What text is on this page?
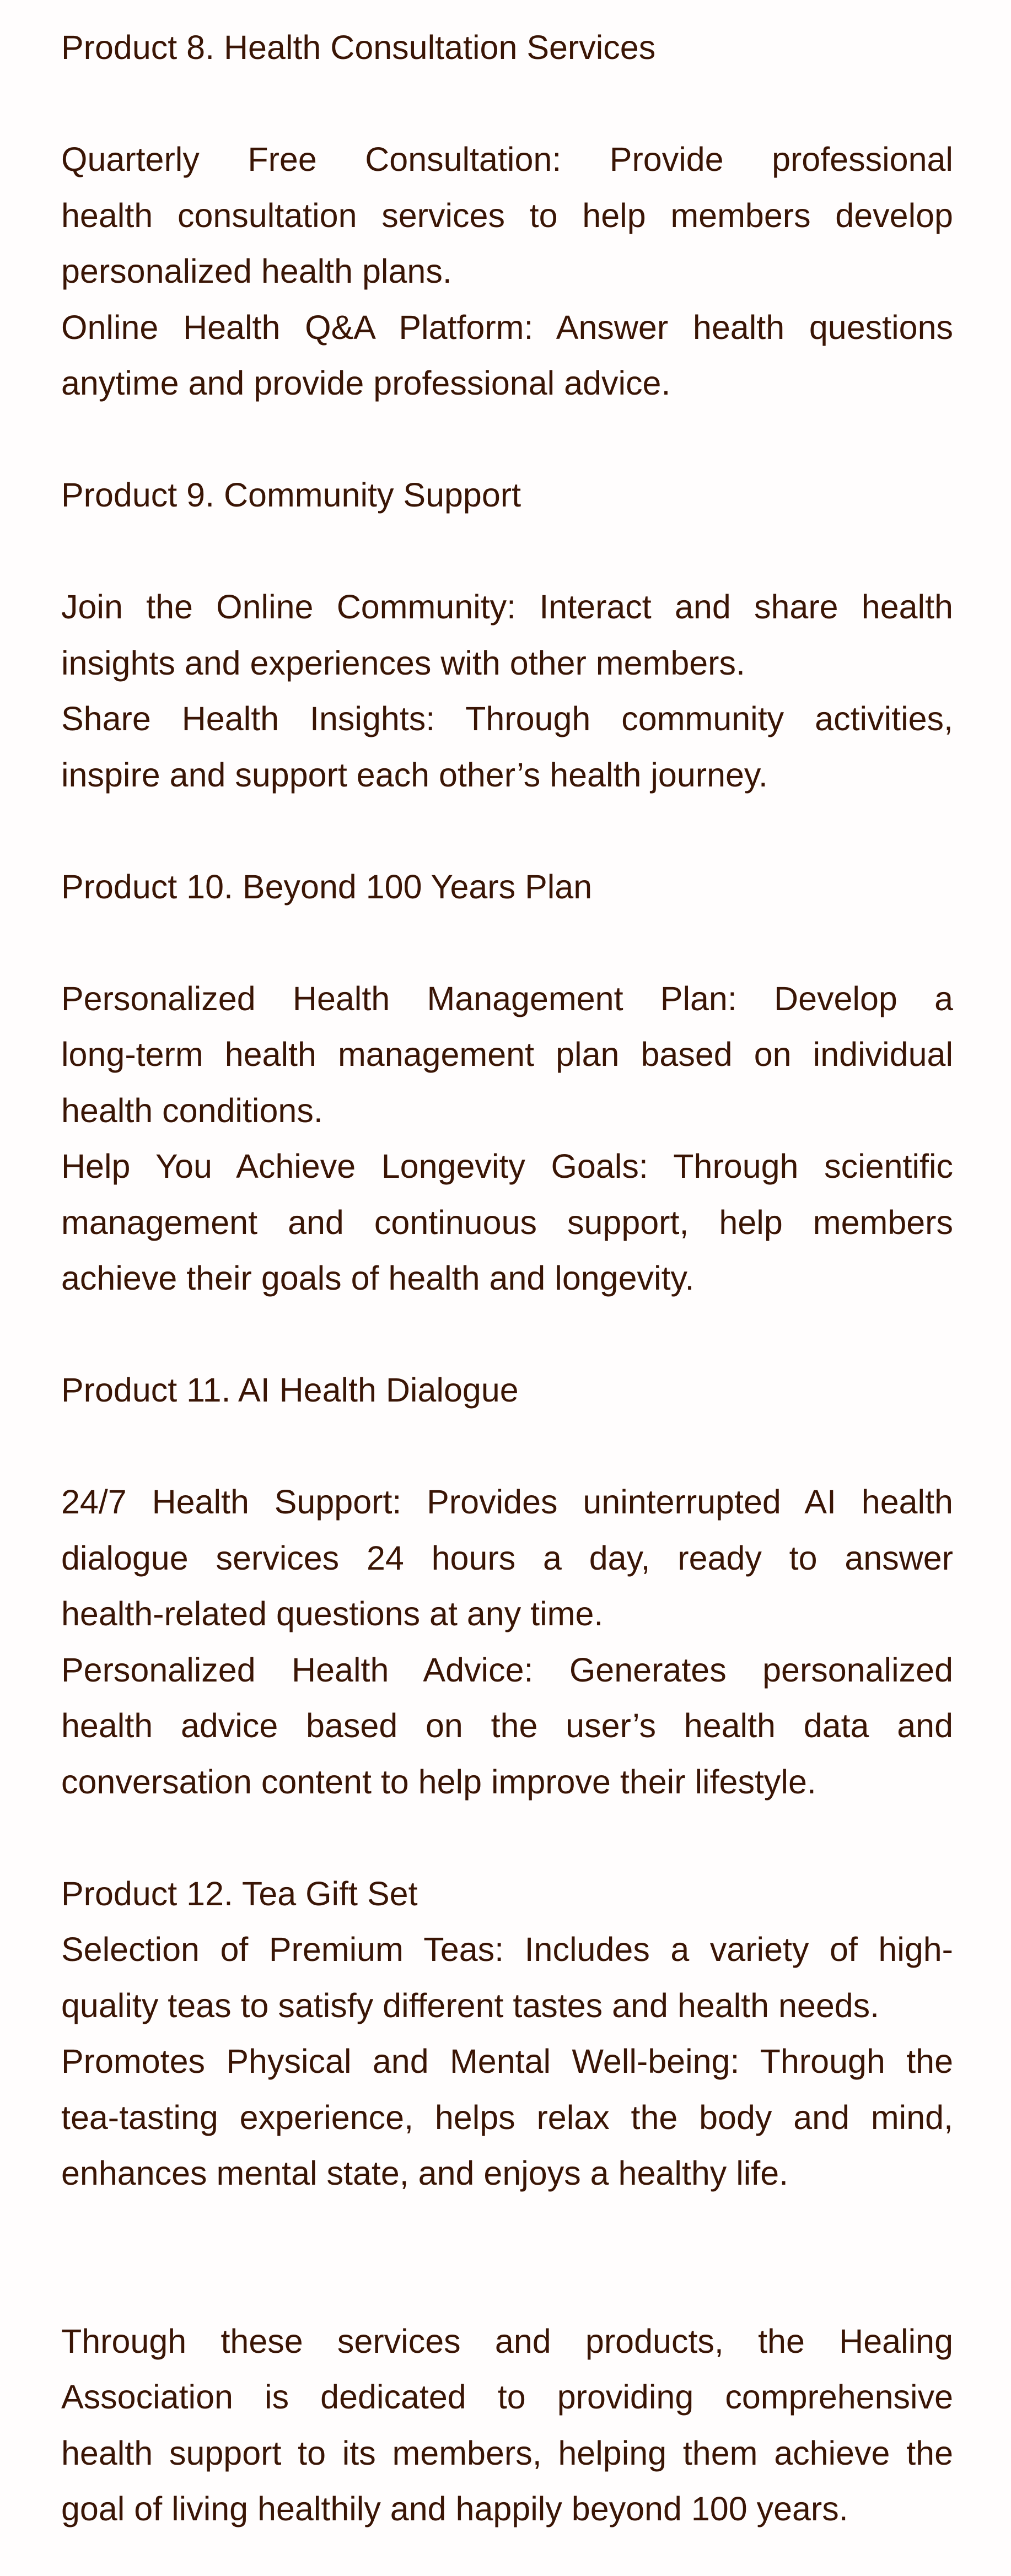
Product 8. Health Consultation Services
Quarterly Free Consultation: Provide professional
health consultation services to help members develop
personalized health plans.
Online Health Q&A Platform: Answer health questions
anytime and provide professional advice.
Product 9. Community Support
Join the Online Community: Interact and share health
insights and experiences with other members.
Share Health Insights: Through community activities,
inspire and support each other’s health journey.
Product 10. Beyond 100 Years Plan
Personalized Health Management Plan: Develop a
long-term health management plan based on individual
health conditions.
Help You Achieve Longevity Goals: Through scientific
management and continuous support, help members
achieve their goals of health and longevity.
Product 11. AI Health Dialogue
24/7 Health Support: Provides uninterrupted AI health
dialogue services 24 hours a day, ready to answer
health-related questions at any time.
Personalized Health Advice: Generates personalized
health advice based on the user’s health data and
conversation content to help improve their lifestyle.
Product 12. Tea Gift Set
Selection of Premium Teas: Includes a variety of high-
quality teas to satisfy different tastes and health needs.
Promotes Physical and Mental Well-being: Through the
tea-tasting experience, helps relax the body and mind,
enhances mental state, and enjoys a healthy life.
Through these services and products, the Healing
Association is dedicated to providing comprehensive
health support to its members, helping them achieve the
goal of living healthily and happily beyond 100 years.
